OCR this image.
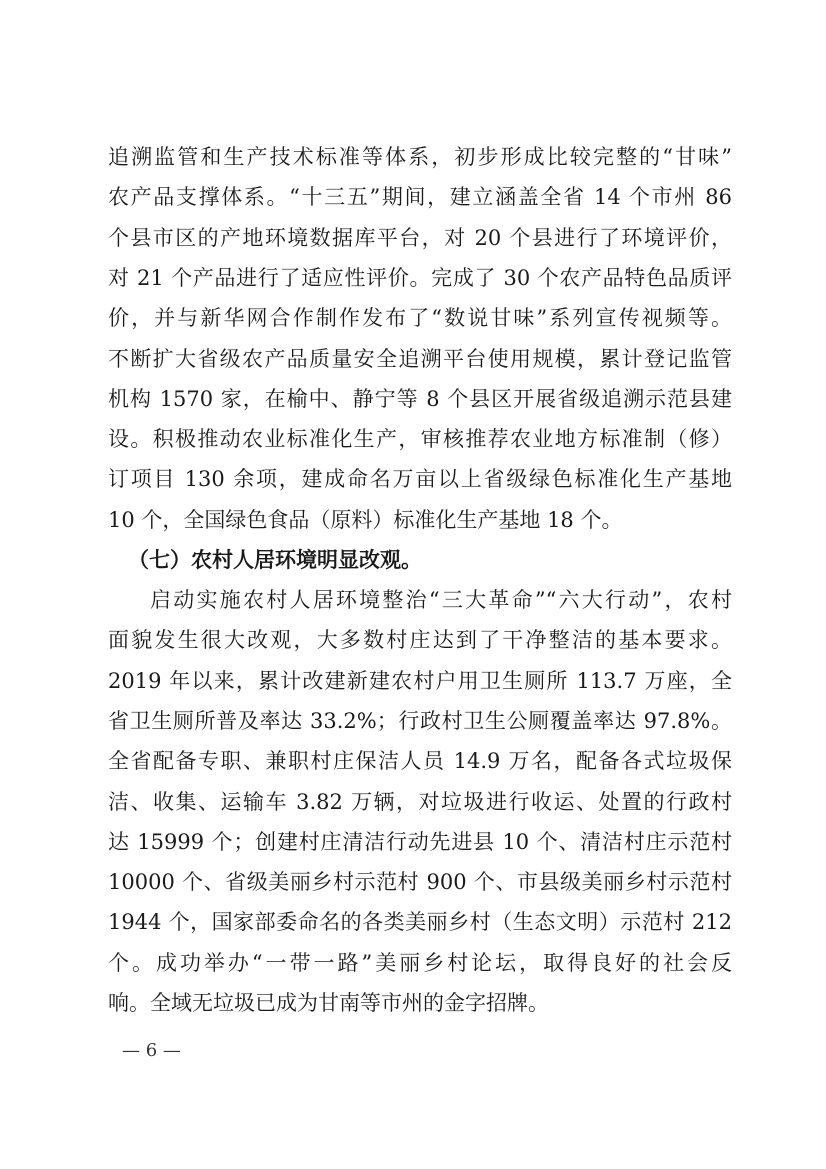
追溯监管和生产技术标准等体系，初步形成比较完整的“甘味”
农产品支撑体系。“十三五”期间，建立涵盖全省 14 个市州 86
个县市区的产地环境数据库平台，对 20 个县进行了环境评价，
对 21 个产品进行了适应性评价。完成了 30 个农产品特色品质评
价，并与新华网合作制作发布了“数说甘味”系列宣传视频等。
不断扩大省级农产品质量安全追溯平台使用规模，累计登记监管
机构 1570 家，在榆中、静宁等 8 个县区开展省级追溯示范县建
设。积极推动农业标准化生产，审核推荐农业地方标准制（修）
订项目 130 余项，建成命名万亩以上省级绿色标准化生产基地
10 个，全国绿色食品（原料）标准化生产基地 18 个。
（七）农村人居环境明显改观。
启动实施农村人居环境整治“三大革命”“六大行动”，农村
面貌发生很大改观，大多数村庄达到了干净整洁的基本要求。
2019 年以来，累计改建新建农村户用卫生厕所 113.7 万座，全
省卫生厕所普及率达 33.2%；行政村卫生公厕覆盖率达 97.8%。
全省配备专职、兼职村庄保洁人员 14.9 万名，配备各式垃圾保
洁、收集、运输车 3.82 万辆，对垃圾进行收运、处置的行政村
达 15999 个；创建村庄清洁行动先进县 10 个、清洁村庄示范村
10000 个、省级美丽乡村示范村 900 个、市县级美丽乡村示范村
1944 个，国家部委命名的各类美丽乡村（生态文明）示范村 212
个。成功举办“一带一路”美丽乡村论坛，取得良好的社会反
响。全域无垃圾已成为甘南等市州的金字招牌。
— 6 —
